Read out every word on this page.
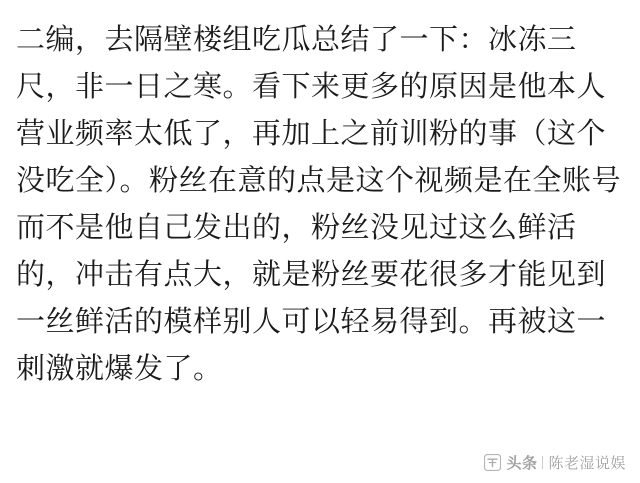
二编，去隔壁楼组吃瓜总结了一下：冰冻三尺，非一日之寒。看下来更多的原因是他本人营业频率太低了，再加上之前训粉的事（这个没吃全）。粉丝在意的点是这个视频是在全账号而不是他自己发出的，粉丝没见过这么鲜活的，冲击有点大，就是粉丝要花很多才能见到一丝鲜活的模样别人可以轻易得到。再被这一刺激就爆发了。
头条 陈老湿说娱
